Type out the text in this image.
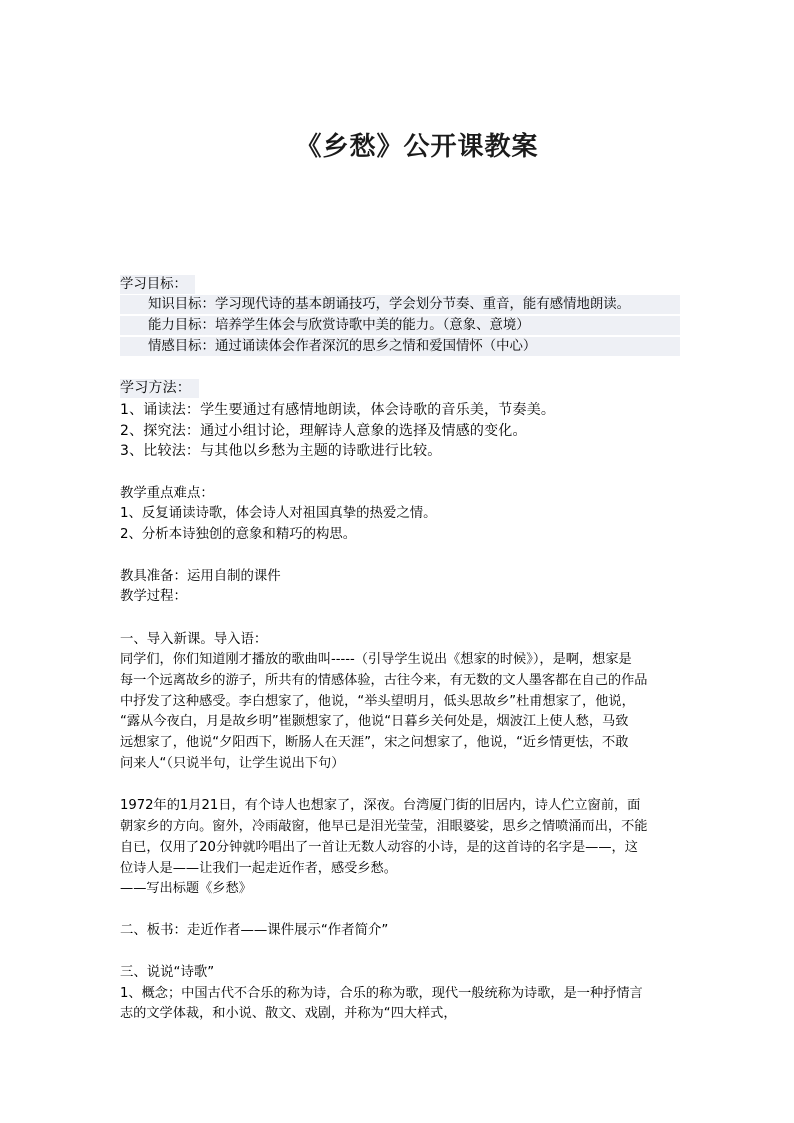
《乡愁》公开课教案
学习目标：
知识目标：学习现代诗的基本朗诵技巧，学会划分节奏、重音，能有感情地朗读。
能力目标：培养学生体会与欣赏诗歌中美的能力。（意象、意境）
情感目标：通过诵读体会作者深沉的思乡之情和爱国情怀（中心）
学习方法：
1、诵读法：学生要通过有感情地朗读，体会诗歌的音乐美，节奏美。
2、探究法：通过小组讨论，理解诗人意象的选择及情感的变化。
3、比较法：与其他以乡愁为主题的诗歌进行比较。
教学重点难点：
1、反复诵读诗歌，体会诗人对祖国真挚的热爱之情。
2、分析本诗独创的意象和精巧的构思。
教具准备：运用自制的课件
教学过程：
一、导入新课。导入语：
同学们，你们知道刚才播放的歌曲叫-----（引导学生说出《想家的时候》），是啊，想家是
每一个远离故乡的游子，所共有的情感体验，古往今来，有无数的文人墨客都在自己的作品
中抒发了这种感受。李白想家了，他说，“举头望明月，低头思故乡”杜甫想家了，他说，
“露从今夜白，月是故乡明”崔颢想家了，他说“日暮乡关何处是，烟波江上使人愁，马致
远想家了，他说“夕阳西下，断肠人在天涯”，宋之问想家了，他说，“近乡情更怯，不敢
问来人“（只说半句，让学生说出下句）
1972年的1月21日，有个诗人也想家了，深夜。台湾厦门街的旧居内，诗人伫立窗前，面
朝家乡的方向。窗外，冷雨敲窗，他早已是泪光莹莹，泪眼婆娑，思乡之情喷涌而出，不能
自已，仅用了20分钟就吟唱出了一首让无数人动容的小诗，是的这首诗的名字是——，这
位诗人是——让我们一起走近作者，感受乡愁。
——写出标题《乡愁》
二、板书：走近作者——课件展示“作者简介”
三、说说“诗歌”
1、概念；中国古代不合乐的称为诗，合乐的称为歌，现代一般统称为诗歌，是一种抒情言
志的文学体裁，和小说、散文、戏剧，并称为“四大样式，
